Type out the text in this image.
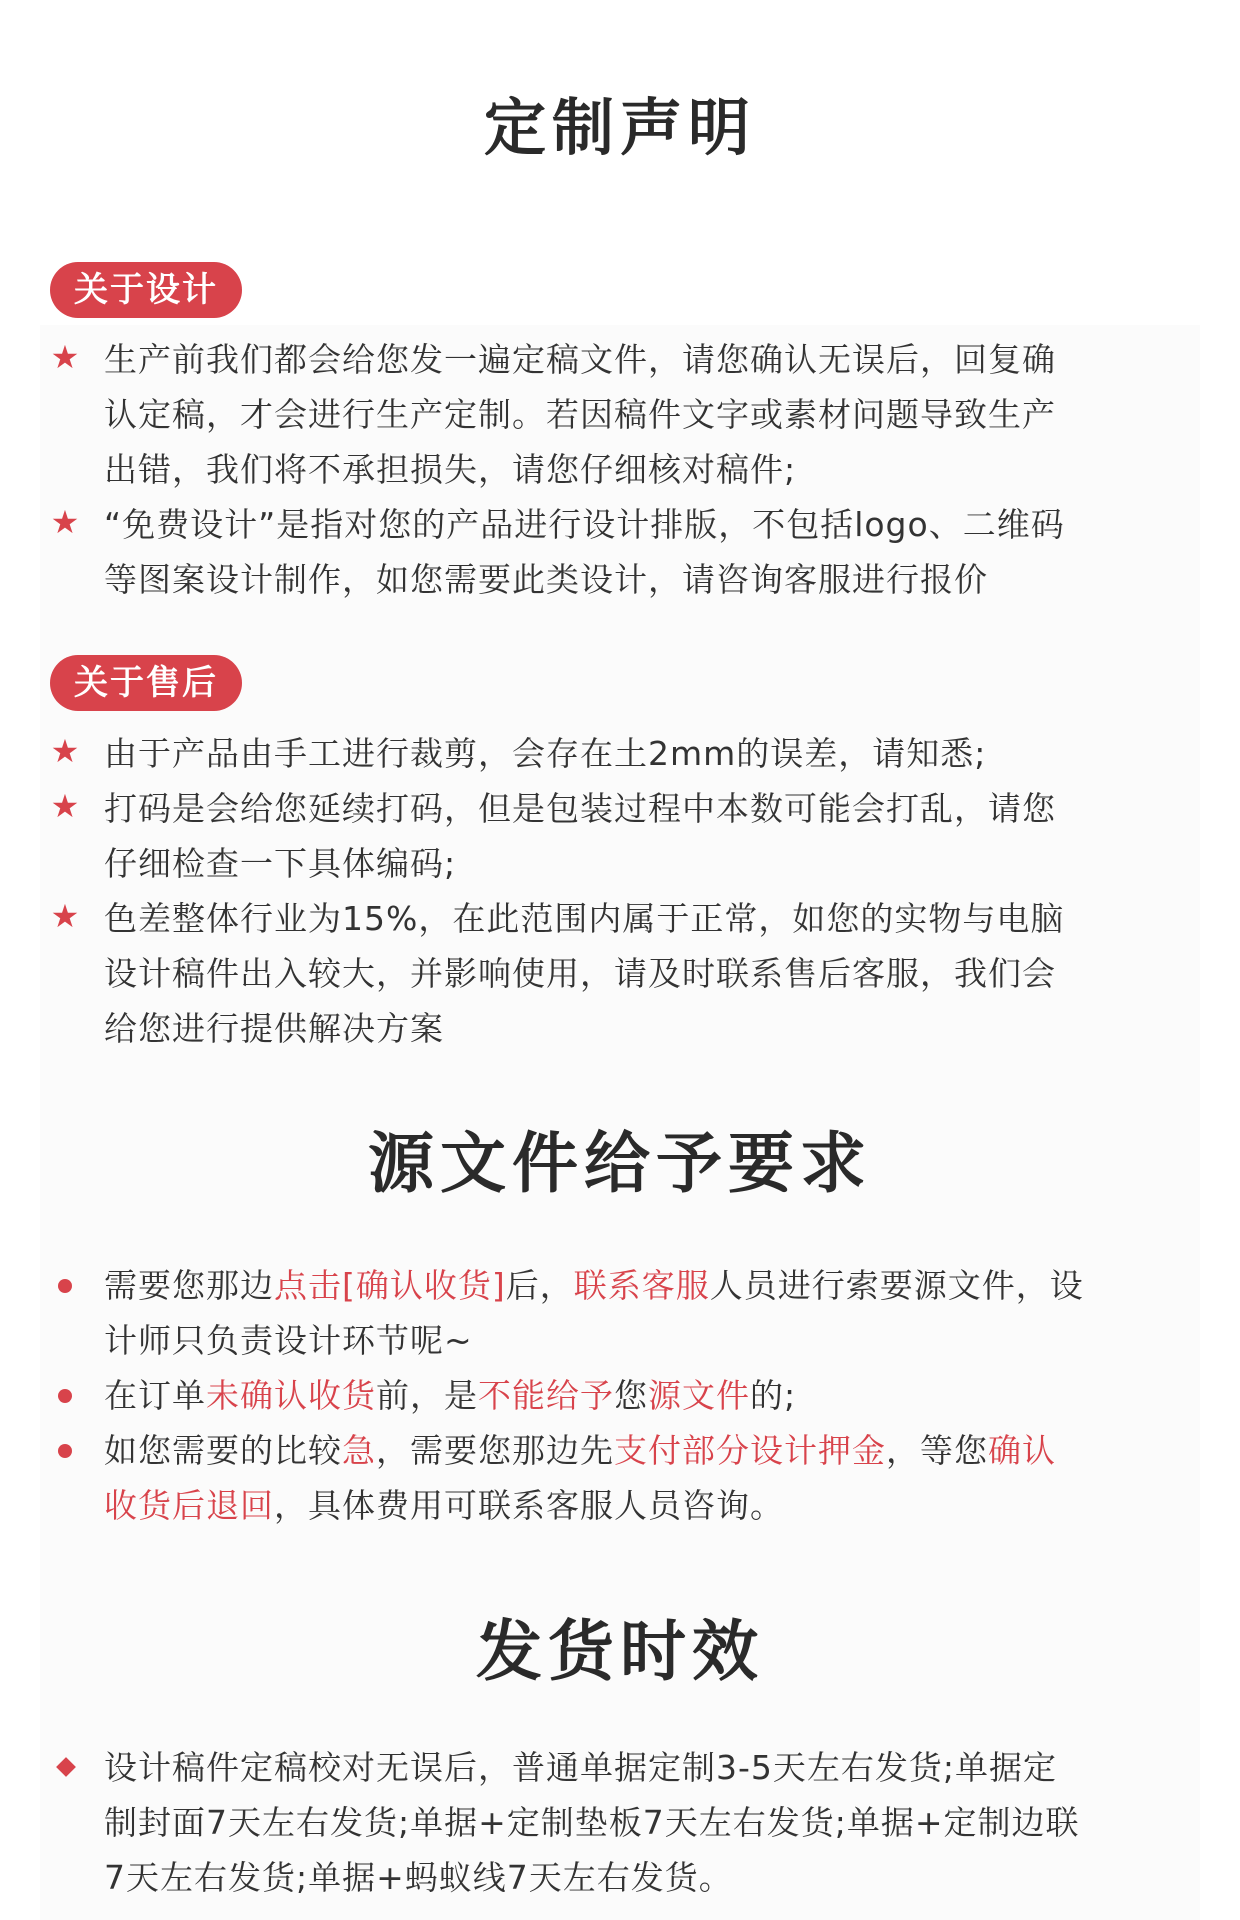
定制声明
关于设计
★ 生产前我们都会给您发一遍定稿文件，请您确认无误后，回复确认定稿，才会进行生产定制。若因稿件文字或素材问题导致生产出错，我们将不承担损失，请您仔细核对稿件;

★ “免费设计”是指对您的产品进行设计排版，不包括logo、二维码等图案设计制作，如您需要此类设计，请咨询客服进行报价

关于售后
★ 由于产品由手工进行裁剪，会存在土2mm的误差，请知悉;

★ 打码是会给您延续打码，但是包装过程中本数可能会打乱，请您仔细检查一下具体编码;

★ 色差整体行业为15%，在此范围内属于正常，如您的实物与电脑设计稿件出入较大，并影响使用，请及时联系售后客服，我们会给您进行提供解决方案

源文件给予要求

需要您那边点击[确认收货]后，联系客服人员进行索要源文件，设计师只负责设计环节呢~

在订单未确认收货前，是不能给予您源文件的;

如您需要的比较急，需要您那边先支付部分设计押金，等您确认收货后退回，具体费用可联系客服人员咨询。

发货时效

设计稿件定稿校对无误后，普通单据定制3-5天左右发货;单据定制封面7天左右发货;单据+定制垫板7天左右发货;单据+定制边联7天左右发货;单据+蚂蚁线7天左右发货。
